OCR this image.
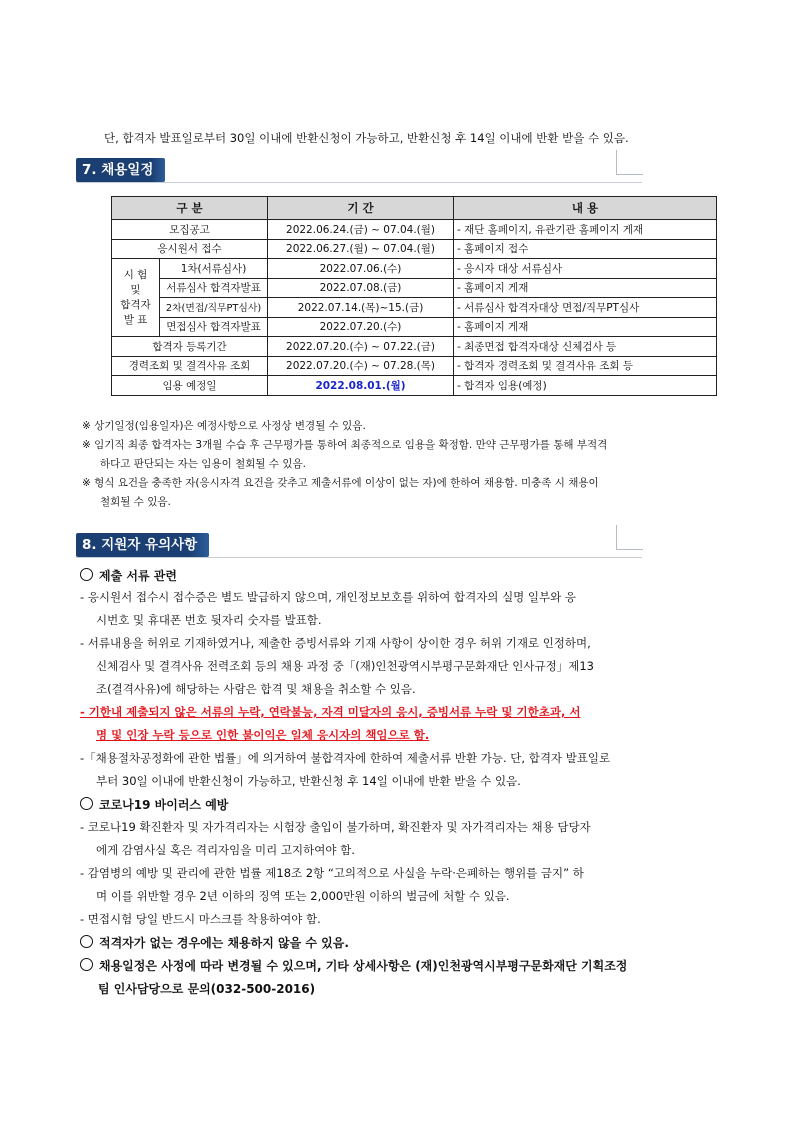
단, 합격자 발표일로부터 30일 이내에 반환신청이 가능하고, 반환신청 후 14일 이내에 반환 받을 수 있음.
7. 채용일정
구 분		기 간	내 용
모집공고		2022.06.24.(금) ~ 07.04.(월)	- 재단 홈페이지, 유관기관 홈페이지 게재
응시원서 접수		2022.06.27.(월) ~ 07.04.(월)	- 홈페이지 접수

시 험
및
합격자
발 표	1차(서류심사)	2022.07.06.(수)	- 응시자 대상 서류심사
	서류심사 합격자발표	2022.07.08.(금)	- 홈페이지 게재
	2차(면접/직무PT심사)	2022.07.14.(목)~15.(금)	- 서류심사 합격자대상 면접/직무PT심사
	면접심사 합격자발표	2022.07.20.(수)	- 홈페이지 게재
합격자 등록기간		2022.07.20.(수) ~ 07.22.(금)	- 최종면접 합격자대상 신체검사 등
경력조회 및 결격사유 조회		2022.07.20.(수) ~ 07.28.(목)	- 합격자 경력조회 및 결격사유 조회 등
임용 예정일		2022.08.01.(월)	- 합격자 임용(예정)
※ 상기일정(임용일자)은 예정사항으로 사정상 변경될 수 있음.
※ 임기직 최종 합격자는 3개월 수습 후 근무평가를 통하여 최종적으로 임용을 확정함. 만약 근무평가를 통해 부적격
하다고 판단되는 자는 임용이 철회될 수 있음.
※ 형식 요건을 충족한 자(응시자격 요건을 갖추고 제출서류에 이상이 없는 자)에 한하여 채용함. 미충족 시 채용이
철회될 수 있음.
8. 지원자 유의사항
제출 서류 관련
- 응시원서 접수시 접수증은 별도 발급하지 않으며, 개인정보보호를 위하여 합격자의 실명 일부와 응
시번호 및 휴대폰 번호 뒷자리 숫자를 발표함.
- 서류내용을 허위로 기재하였거나, 제출한 증빙서류와 기재 사항이 상이한 경우 허위 기재로 인정하며,
신체검사 및 결격사유 전력조회 등의 채용 과정 중「(재)인천광역시부평구문화재단 인사규정」제13
조(결격사유)에 해당하는 사람은 합격 및 채용을 취소할 수 있음.
- 기한내 제출되지 않은 서류의 누락, 연락불능, 자격 미달자의 응시, 증빙서류 누락 및 기한초과, 서
명 및 인장 누락 등으로 인한 불이익은 일체 응시자의 책임으로 함.
-「채용절차공정화에 관한 법률」에 의거하여 불합격자에 한하여 제출서류 반환 가능. 단, 합격자 발표일로
부터 30일 이내에 반환신청이 가능하고, 반환신청 후 14일 이내에 반환 받을 수 있음.
코로나19 바이러스 예방
- 코로나19 확진환자 및 자가격리자는 시험장 출입이 불가하며, 확진환자 및 자가격리자는 채용 담당자
에게 감염사실 혹은 격리자임을 미리 고지하여야 함.
- 감염병의 예방 및 관리에 관한 법률 제18조 2항 “고의적으로 사실을 누락·은폐하는 행위를 금지” 하
며 이를 위반할 경우 2년 이하의 징역 또는 2,000만원 이하의 벌금에 처할 수 있음.
- 면접시험 당일 반드시 마스크를 착용하여야 함.
적격자가 없는 경우에는 채용하지 않을 수 있음.
채용일정은 사정에 따라 변경될 수 있으며, 기타 상세사항은 (재)인천광역시부평구문화재단 기획조정
팀 인사담당으로 문의(032-500-2016)
